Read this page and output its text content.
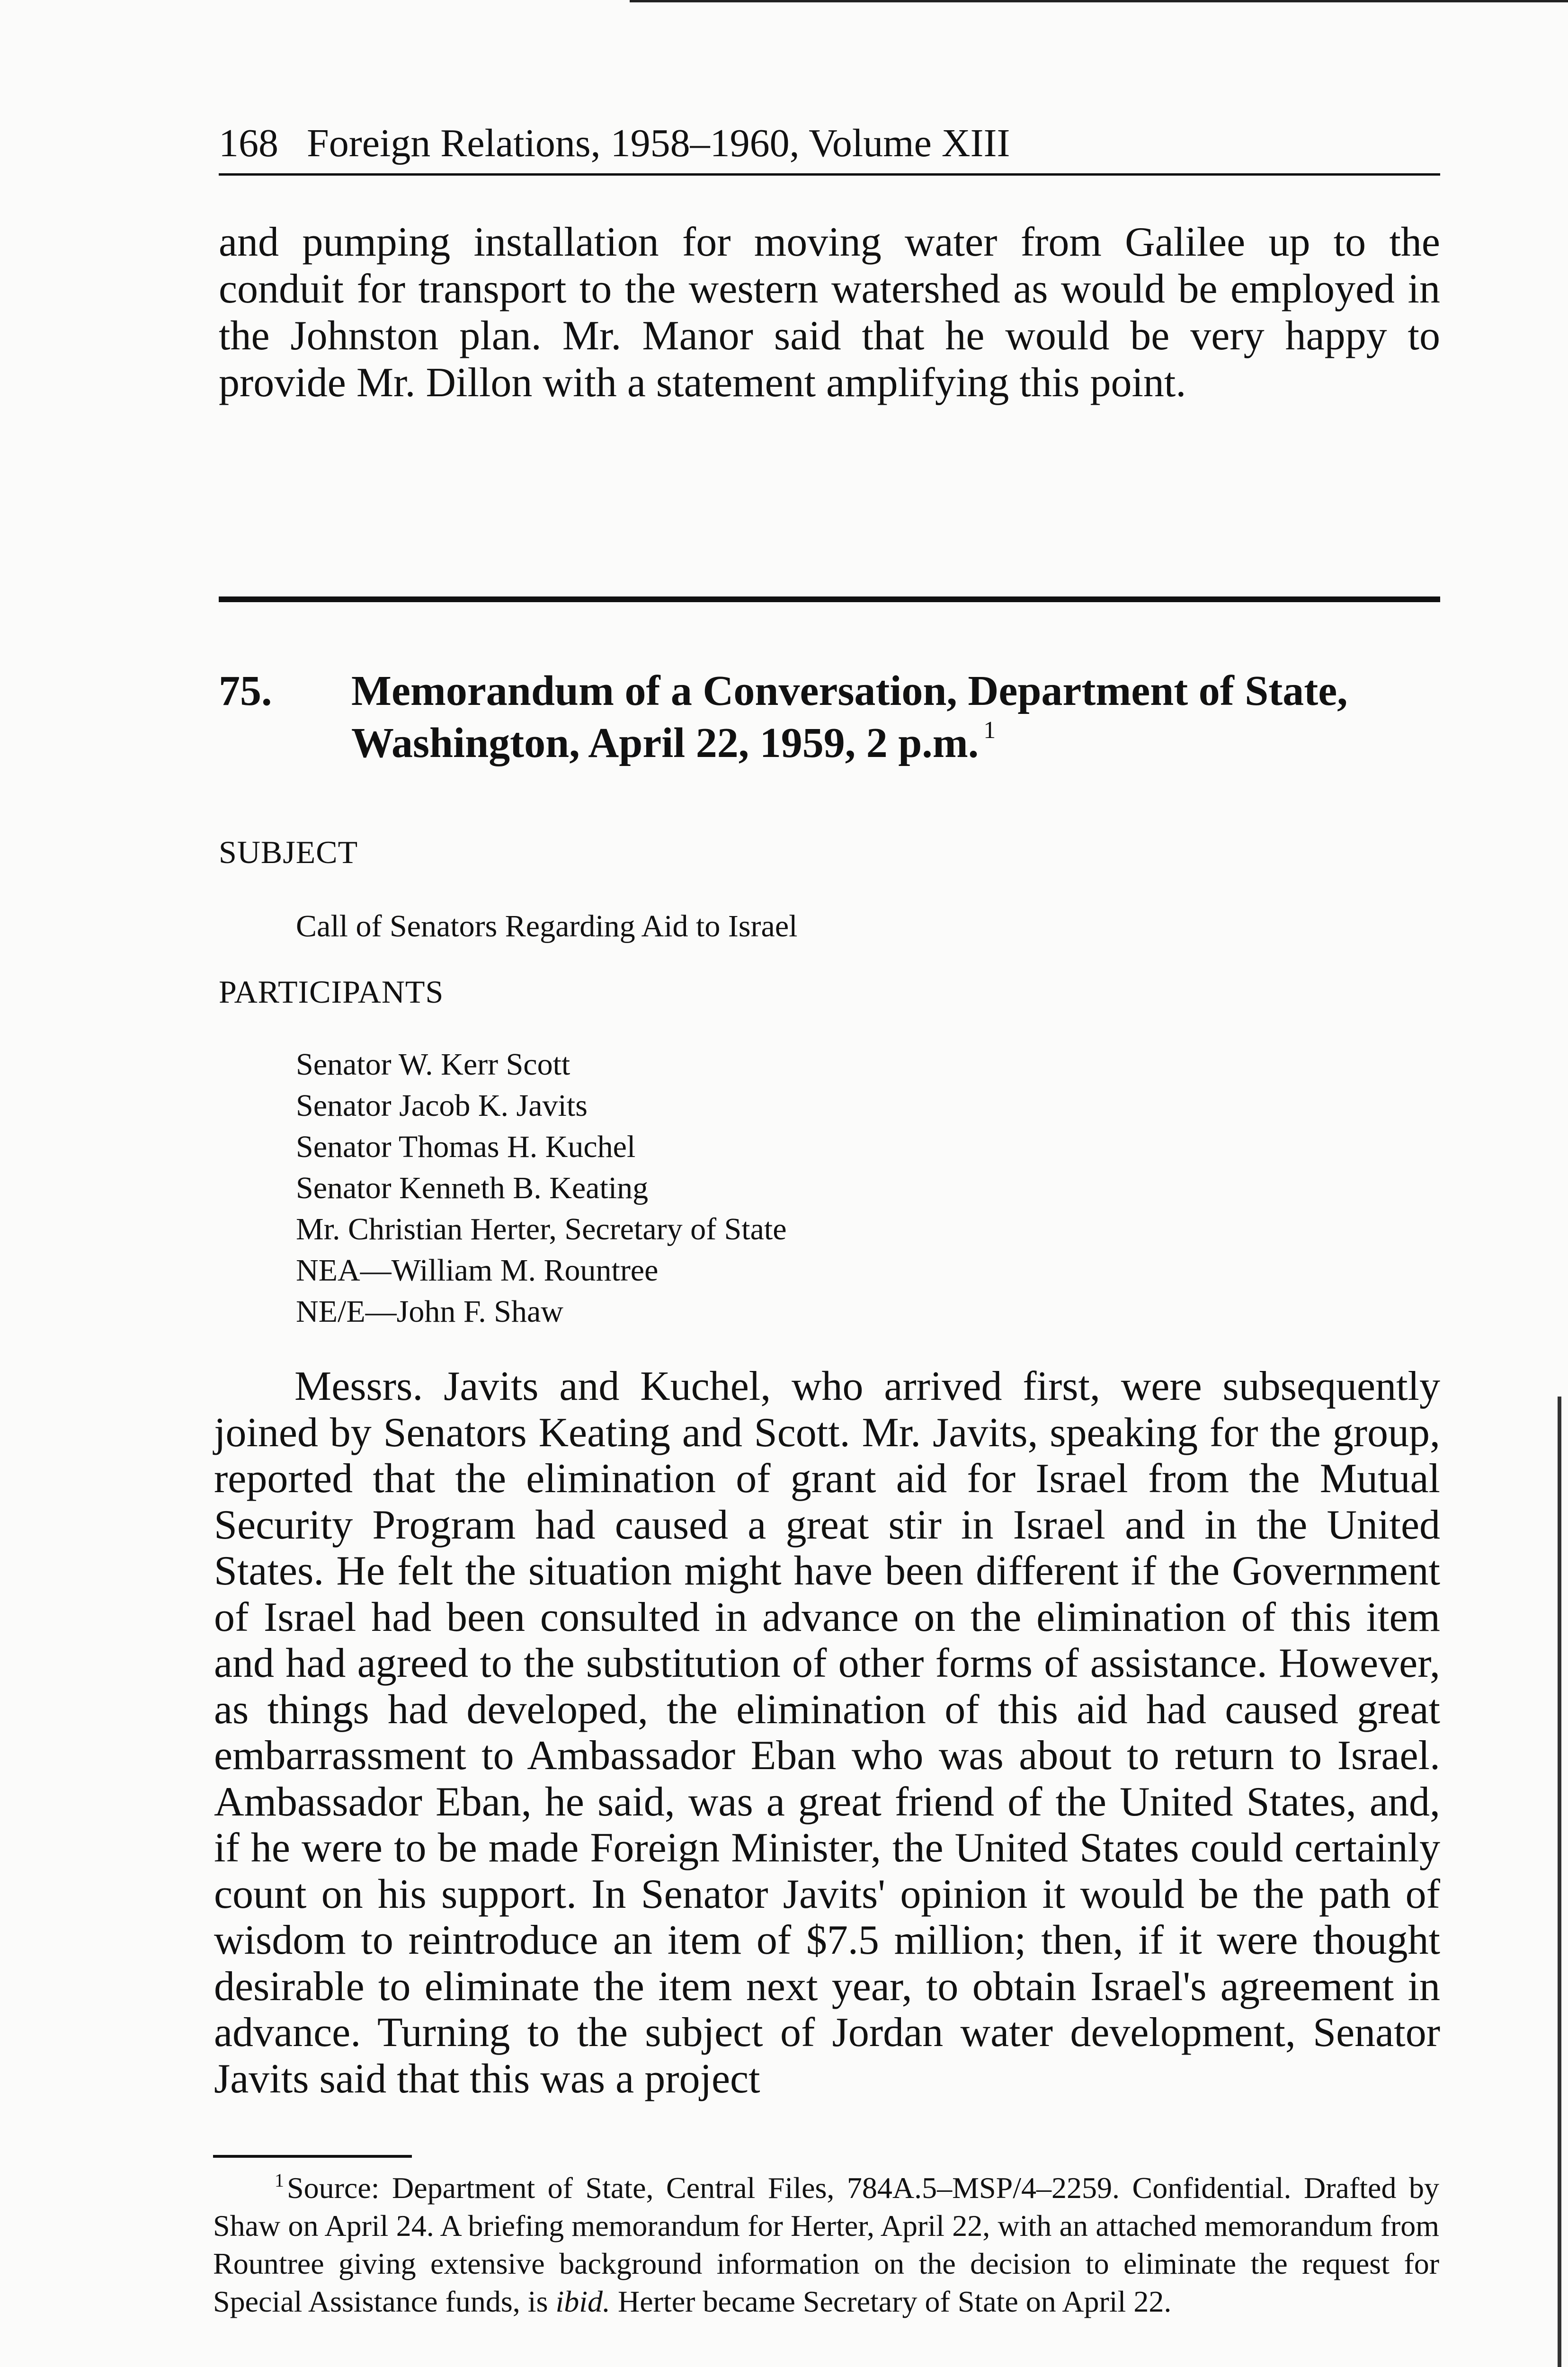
168 Foreign Relations, 1958–1960, Volume XIII

and pumping installation for moving water from Galilee up to the conduit for transport to the western watershed as would be employed in the Johnston plan. Mr. Manor said that he would be very happy to provide Mr. Dillon with a statement amplifying this point.

75. Memorandum of a Conversation, Department of State, Washington, April 22, 1959, 2 p.m. $^1$
SUBJECT
Call of Senators Regarding Aid to Israel
PARTICIPANTS
Senator W. Kerr Scott
Senator Jacob K. Javits
Senator Thomas H. Kuchel
Senator Kenneth B. Keating
Mr. Christian Herter, Secretary of State
NEA—William M. Rountree
NE/E—John F. Shaw

Messrs. Javits and Kuchel, who arrived first, were subsequently joined by Senators Keating and Scott. Mr. Javits, speaking for the group, reported that the elimination of grant aid for Israel from the Mutual Security Program had caused a great stir in Israel and in the United States. He felt the situation might have been different if the Government of Israel had been consulted in advance on the elimination of this item and had agreed to the substitution of other forms of assistance. However, as things had developed, the elimination of this aid had caused great embarrassment to Ambassador Eban who was about to return to Israel. Ambassador Eban, he said, was a great friend of the United States, and, if he were to be made Foreign Minister, the United States could certainly count on his support. In Senator Javits' opinion it would be the path of wisdom to reintroduce an item of $7.5 million; then, if it were thought desirable to eliminate the item next year, to obtain Israel's agreement in advance. Turning to the subject of Jordan water development, Senator Javits said that this was a project

$^1$Source: Department of State, Central Files, 784A.5–MSP/4–2259. Confidential. Drafted by Shaw on April 24. A briefing memorandum for Herter, April 22, with an attached memorandum from Rountree giving extensive background information on the decision to eliminate the request for Special Assistance funds, is ibid. Herter became Secretary of State on April 22.
